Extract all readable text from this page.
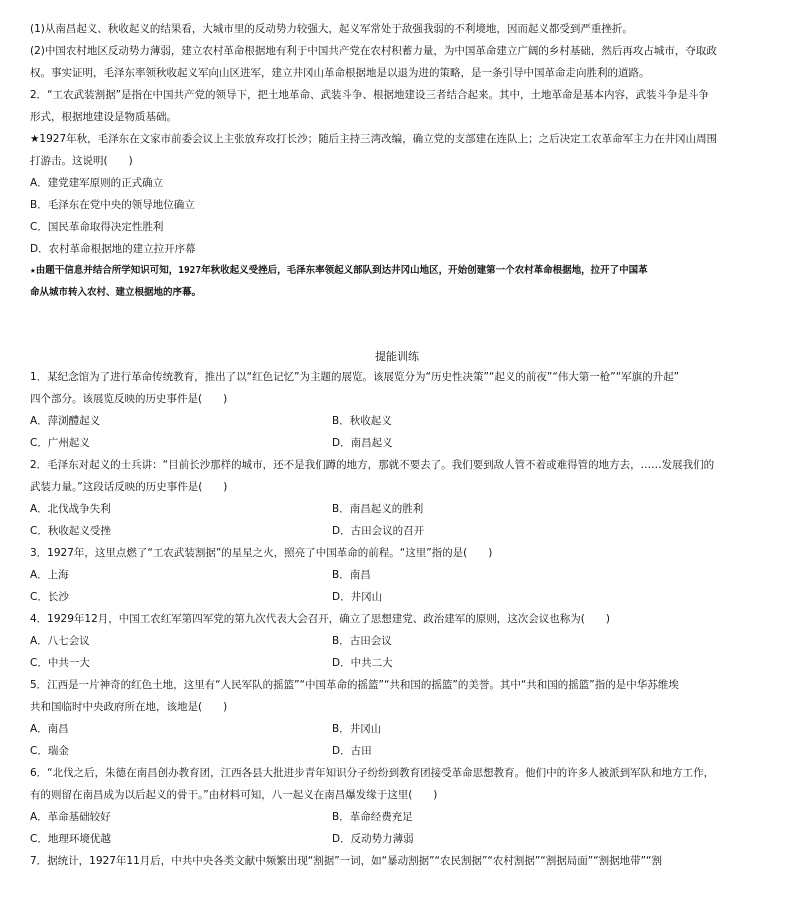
(1)从南昌起义、秋收起义的结果看，大城市里的反动势力较强大，起义军常处于敌强我弱的不利境地，因而起义都受到严重挫折。
(2)中国农村地区反动势力薄弱，建立农村革命根据地有利于中国共产党在农村积蓄力量，为中国革命建立广阔的乡村基础，然后再攻占城市，夺取政
权。事实证明，毛泽东率领秋收起义军向山区进军，建立井冈山革命根据地是以退为进的策略，是一条引导中国革命走向胜利的道路。
2．“工农武装割据”是指在中国共产党的领导下，把土地革命、武装斗争、根据地建设三者结合起来。其中，土地革命是基本内容，武装斗争是斗争
形式，根据地建设是物质基础。
★1927年秋，毛泽东在文家市前委会议上主张放弃攻打长沙；随后主持三湾改编，确立党的支部建在连队上；之后决定工农革命军主力在井冈山周围
打游击。这说明(　　)
A．建党建军原则的正式确立
B．毛泽东在党中央的领导地位确立
C．国民革命取得决定性胜利
D．农村革命根据地的建立拉开序幕
★由题干信息并结合所学知识可知，1927年秋收起义受挫后，毛泽东率领起义部队到达井冈山地区，开始创建第一个农村革命根据地，拉开了中国革
命从城市转入农村、建立根据地的序幕。
提能训练
1．某纪念馆为了进行革命传统教育，推出了以“红色记忆”为主题的展览。该展览分为“历史性决策”“起义的前夜”“伟大第一枪”“军旗的升起”
四个部分。该展览反映的历史事件是(　　)
A．萍浏醴起义	B．秋收起义
C．广州起义	D．南昌起义
2．毛泽东对起义的士兵讲：“目前长沙那样的城市，还不是我们蹲的地方，那就不要去了。我们要到敌人管不着或难得管的地方去，……发展我们的
武装力量。”这段话反映的历史事件是(　　)
A．北伐战争失利	B．南昌起义的胜利
C．秋收起义受挫	D．古田会议的召开
3．1927年，这里点燃了“工农武装割据”的星星之火，照亮了中国革命的前程。“这里”指的是(　　)
A．上海	B．南昌
C．长沙	D．井冈山
4．1929年12月，中国工农红军第四军党的第九次代表大会召开，确立了思想建党、政治建军的原则，这次会议也称为(　　)
A．八七会议	B．古田会议
C．中共一大	D．中共二大
5．江西是一片神奇的红色土地，这里有“人民军队的摇篮”“中国革命的摇篮”“共和国的摇篮”的美誉。其中“共和国的摇篮”指的是中华苏维埃
共和国临时中央政府所在地，该地是(　　)
A．南昌	B．井冈山
C．瑞金	D．古田
6．“北伐之后，朱德在南昌创办教育团，江西各县大批进步青年知识分子纷纷到教育团接受革命思想教育。他们中的许多人被派到军队和地方工作，
有的则留在南昌成为以后起义的骨干。”由材料可知，八一起义在南昌爆发缘于这里(　　)
A．革命基础较好	B．革命经费充足
C．地理环境优越	D．反动势力薄弱
7．据统计，1927年11月后，中共中央各类文献中频繁出现“割据”一词，如“暴动割据”“农民割据”“农村割据”“割据局面”“割据地带”“割
